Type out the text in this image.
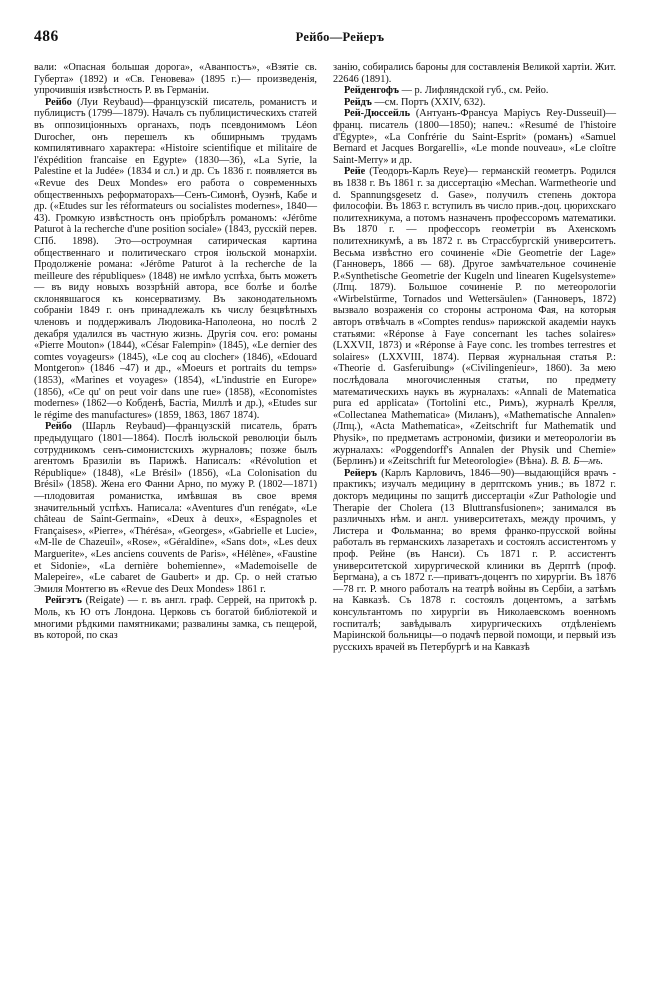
486	Рейбо—Рейеръ

вали: «Опасная большая дорога», «Аванпостъ», «Взятіе св. Губерта» (1892) и «Св. Геновева» (1895 г.)— произведенія, упрочившія извѣстность Р. въ Германіи.

Рейбо (Луи Reybaud)—французскій писатель, романистъ и публицистъ (1799—1879). Началъ съ публицистическихъ статей въ оппозиціонныхъ органахъ, подъ псевдонимомъ Léon Durocher, онъ перешелъ къ обширнымъ трудамъ компилятивнаго характера: «Histoire scientifique et militaire de l'éxpédition francaise en Egypte» (1830—36), «La Syrie, la Palestine et la Judée» (1834 и сл.) и др. Съ 1836 г. появляется въ «Revue des Deux Mondes» его работа о современныхъ общественныхъ реформаторахъ—Сенъ-Симонѣ, Оуэнѣ, Кабе и др. («Etudes sur les réformateurs ou socialistes modernes», 1840—43). Громкую извѣстность онъ пріобрѣлъ романомъ: «Jérôme Paturot à la recherche d'une position sociale» (1843, русскій перев. СПб. 1898). Это—остроумная сатирическая картина общественнаго и политическаго строя іюльской монархіи. Продолженіе романа: «Jérôme Paturot à la recherche de la meilleure des républiques» (1848) не имѣло успѣха, быть можетъ — въ виду новыхъ воззрѣній автора, все болѣе и болѣе склонявшагося къ консерватизму. Въ законодательномъ собраніи 1849 г. онъ принадлежалъ къ числу безцвѣтныхъ членовъ и поддерживалъ Людовика-Наполеона, но послѣ 2 декабря удалился въ частную жизнь. Другія соч. его: романы «Pierre Mouton» (1844), «César Falempin» (1845), «Le dernier des comtes voyageurs» (1845), «Le coq au clocher» (1846), «Edouard Montgeron» (1846 –47) и др., «Moeurs et portraits du temps» (1853), «Marines et voyages» (1854), «L'industrie en Europe» (1856), «Ce qu' on peut voir dans une rue» (1858), «Economistes modernes» (1862—о Кобденѣ, Бастіа, Миллѣ и др.), «Etudes sur le régime des manufactures» (1859, 1863, 1867 1874).

Рейбо (Шарль Reybaud)—французскій писатель, братъ предыдущаго (1801—1864). Послѣ іюльской революціи былъ сотрудникомъ сенъ-симонистскихъ журналовъ; позже былъ агентомъ Бразиліи въ Парижѣ. Написалъ: «Révolution et République» (1848), «Le Brésil» (1856), «La Colonisation du Brésil» (1858). Жена его Фанни Арно, по мужу Р. (1802—1871)—плодовитая романистка, имѣвшая въ свое время значительный успѣхъ. Написала: «Aventures d'un renégat», «Le château de Saint-Germain», «Deux à deux», «Espagnoles et Françaises», «Pierre», «Thérésa», «Georges», «Gabrielle et Lucie», «M-lle de Chazeuil», «Rose», «Géraldine», «Sans dot», «Les deux Marguerite», «Les anciens couvents de Paris», «Hélène», «Faustine et Sidonie», «La dernière bohemienne», «Mademoiselle de Malepeire», «Le cabaret de Gaubert» и др. Ср. о ней статью Эмиля Монтегю въ «Revue des Deux Mondes» 1861 г.

Рейгэтъ (Reigate) — г. въ англ. граф. Серрей, на притокѣ р. Моль, къ Ю отъ Лондона. Церковь съ богатой библіотекой и многими рѣдкими памятниками; развалины замка, съ пещерой, въ которой, по сказ

занію, собирались бароны для составленія Великой хартіи. Жит. 22646 (1891).

Рейденгофъ — р. Лифляндской губ., см. Рейо.

Рейдъ —см. Портъ (XXIV, 632).

Рей-Дюссейль (Антуанъ-Франсуа Маріусъ Rey-Dusseuil)— франц. писатель (1800—1850); напеч.: «Resumé de l'histoire d'Égypte», «La Confrérie du Saint-Esprit» (романъ) «Samuel Bernard et Jacques Borgarelli», «Le monde nouveau», «Le cloître Saint-Merry» и др.

Рейе (Теодоръ-Карлъ Reye)— германскій геометръ. Родился въ 1838 г. Въ 1861 г. за диссертацію «Mechan. Warmetheorie und d. Spannungsgesetz d. Gase», получилъ степень доктора философіи. Въ 1863 г. вступилъ въ число прив.-доц. цюрихскаго политехникума, а потомъ назначенъ профессоромъ математики. Въ 1870 г. — профессоръ геометріи въ Ахенскомъ политехникумѣ, а въ 1872 г. въ Страссбургскій университетъ. Весьма извѣстно его сочиненіе «Die Geometrie der Lage» (Ганноверъ, 1866 — 68). Другое замѣчательное сочиненіе Р.«Synthetische Geometrie der Kugeln und linearen Kugelsysteme» (Лпц. 1879). Большое сочиненіе Р. по метеорологіи «Wirbelstürme, Tornados und Wettersäulen» (Ганноверъ, 1872) вызвало возраженія со стороны астронома Фая, на которыя авторъ отвѣчалъ в «Comptes rendus» парижской академіи наукъ статьями: «Réponse à Faye concernant les taches solaires» (LXXVII, 1873) и «Réponse à Faye conc. les trombes terrestres et solaires» (LXXVIII, 1874). Первая журнальная статья Р.: «Theorie d. Gasferuibung» («Civilingenieur», 1860). За мею послѣдовала многочисленныя статьи, по предмету математическихъ наукъ въ журналахъ: «Annali de Matematica pura ed applicata» (Tortolini etc., Римъ), журналѣ Крелля, «Collectanea Mathematica» (Миланъ), «Mathematische Annalen» (Лпц.), «Acta Mathematica», «Zeitschrift fur Mathematik und Physik», по предметамъ астрономіи, физики и метеорологіи въ журналахъ: «Poggendorff's Annalen der Physik und Chemie» (Берлинъ) и «Zeitschrift fur Meteorologie» (Вѣна). В. В. Б—мъ.

Рейеръ (Карлъ Карловичъ, 1846—90)—выдающійся врачъ - практикъ; изучалъ медицину в дерптскомъ унив.; въ 1872 г. докторъ медицины по защитѣ диссертаціи «Zur Pathologie und Therapie der Cholera (13 Bluttransfusionen»; занимался въ различныхъ нѣм. и англ. университетахъ, между прочимъ, у Листера и Фольманна; во время франко-прусской войны работалъ въ германскихъ лазаретахъ и состоялъ ассистентомъ у проф. Рейне (въ Нанси). Съ 1871 г. Р. ассистентъ университетской хирургической клиники въ Дерптѣ (проф. Бергмана), а съ 1872 г.—приватъ-доцентъ по хирургіи. Въ 1876—78 гг. Р. много работалъ на театрѣ войны въ Сербіи, а затѣмъ на Кавказѣ. Съ 1878 г. состоялъ доцентомъ, а затѣмъ консультантомъ по хирургіи въ Николаевскомъ военномъ госпиталѣ; завѣдывалъ хирургическихъ отдѣленіемъ Маріинской больницы—о подачѣ первой помощи, и первый изъ русскихъ врачей въ Петербургѣ и на Кавказѣ
